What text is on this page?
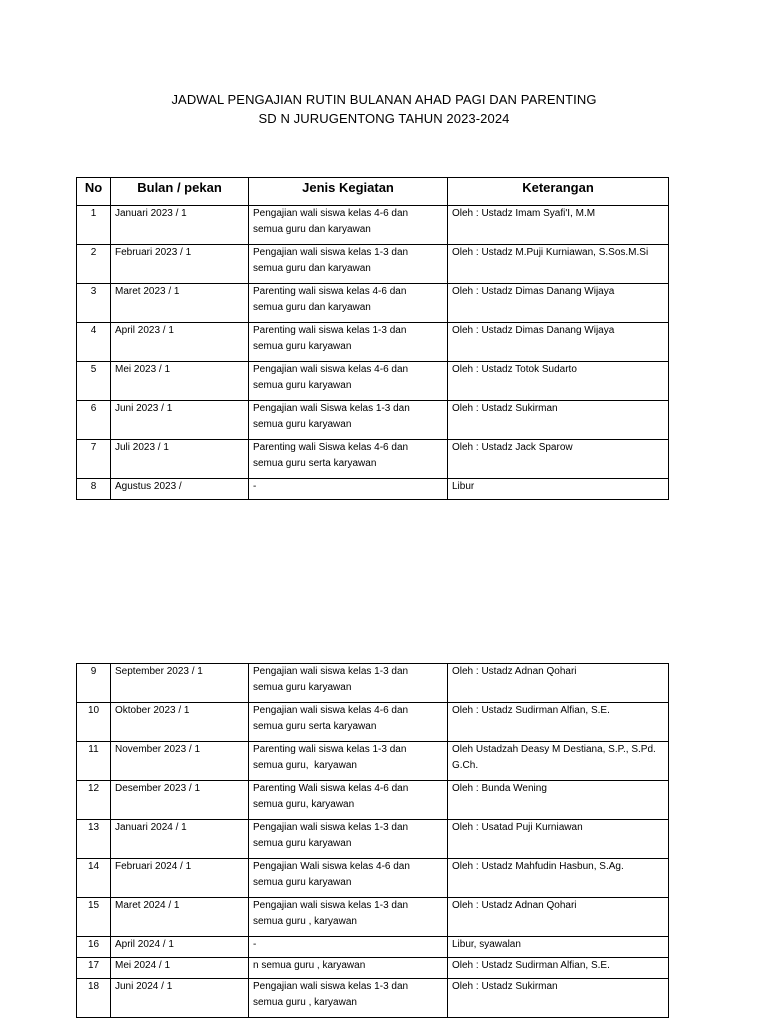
JADWAL PENGAJIAN RUTIN BULANAN AHAD PAGI DAN PARENTING
SD N JURUGENTONG TAHUN 2023-2024
No	Bulan / pekan	Jenis Kegiatan	Keterangan
1	Januari 2023 / 1	Pengajian wali siswa kelas 4-6 dan
semua guru dan karyawan	Oleh : Ustadz Imam Syafi'I, M.M
2	Februari 2023 / 1	Pengajian wali siswa kelas 1-3 dan
semua guru dan karyawan	Oleh : Ustadz M.Puji Kurniawan, S.Sos.M.Si
3	Maret 2023 / 1	Parenting wali siswa kelas 4-6 dan
semua guru dan karyawan	Oleh : Ustadz Dimas Danang Wijaya
4	April 2023 / 1	Parenting wali siswa kelas 1-3 dan
semua guru karyawan	Oleh : Ustadz Dimas Danang Wijaya
5	Mei 2023 / 1	Pengajian wali siswa kelas 4-6 dan
semua guru karyawan	Oleh : Ustadz Totok Sudarto
6	Juni 2023 / 1	Pengajian wali Siswa kelas 1-3 dan
semua guru karyawan	Oleh : Ustadz Sukirman
7	Juli 2023 / 1	Parenting wali Siswa kelas 4-6 dan
semua guru serta karyawan	Oleh : Ustadz Jack Sparow
8	Agustus 2023 /	-	Libur
9	September 2023 / 1	Pengajian wali siswa kelas 1-3 dan
semua guru karyawan	Oleh : Ustadz Adnan Qohari
10	Oktober 2023 / 1	Pengajian wali siswa kelas 4-6 dan
semua guru serta karyawan	Oleh : Ustadz Sudirman Alfian, S.E.
11	November 2023 / 1	Parenting wali siswa kelas 1-3 dan
semua guru,  karyawan	Oleh Ustadzah Deasy M Destiana, S.P., S.Pd.
G.Ch.
12	Desember 2023 / 1	Parenting Wali siswa kelas 4-6 dan
semua guru, karyawan	Oleh : Bunda Wening
13	Januari 2024 / 1	Pengajian wali siswa kelas 1-3 dan
semua guru karyawan	Oleh : Usatad Puji Kurniawan
14	Februari 2024 / 1	Pengajian Wali siswa kelas 4-6 dan
semua guru karyawan	Oleh : Ustadz Mahfudin Hasbun, S.Ag.
15	Maret 2024 / 1	Pengajian wali siswa kelas 1-3 dan
semua guru , karyawan	Oleh : Ustadz Adnan Qohari
16	April 2024 / 1	-	Libur, syawalan
17	Mei 2024 / 1	n semua guru , karyawan	Oleh : Ustadz Sudirman Alfian, S.E.
18	Juni 2024 / 1	Pengajian wali siswa kelas 1-3 dan
semua guru , karyawan	Oleh : Ustadz Sukirman
